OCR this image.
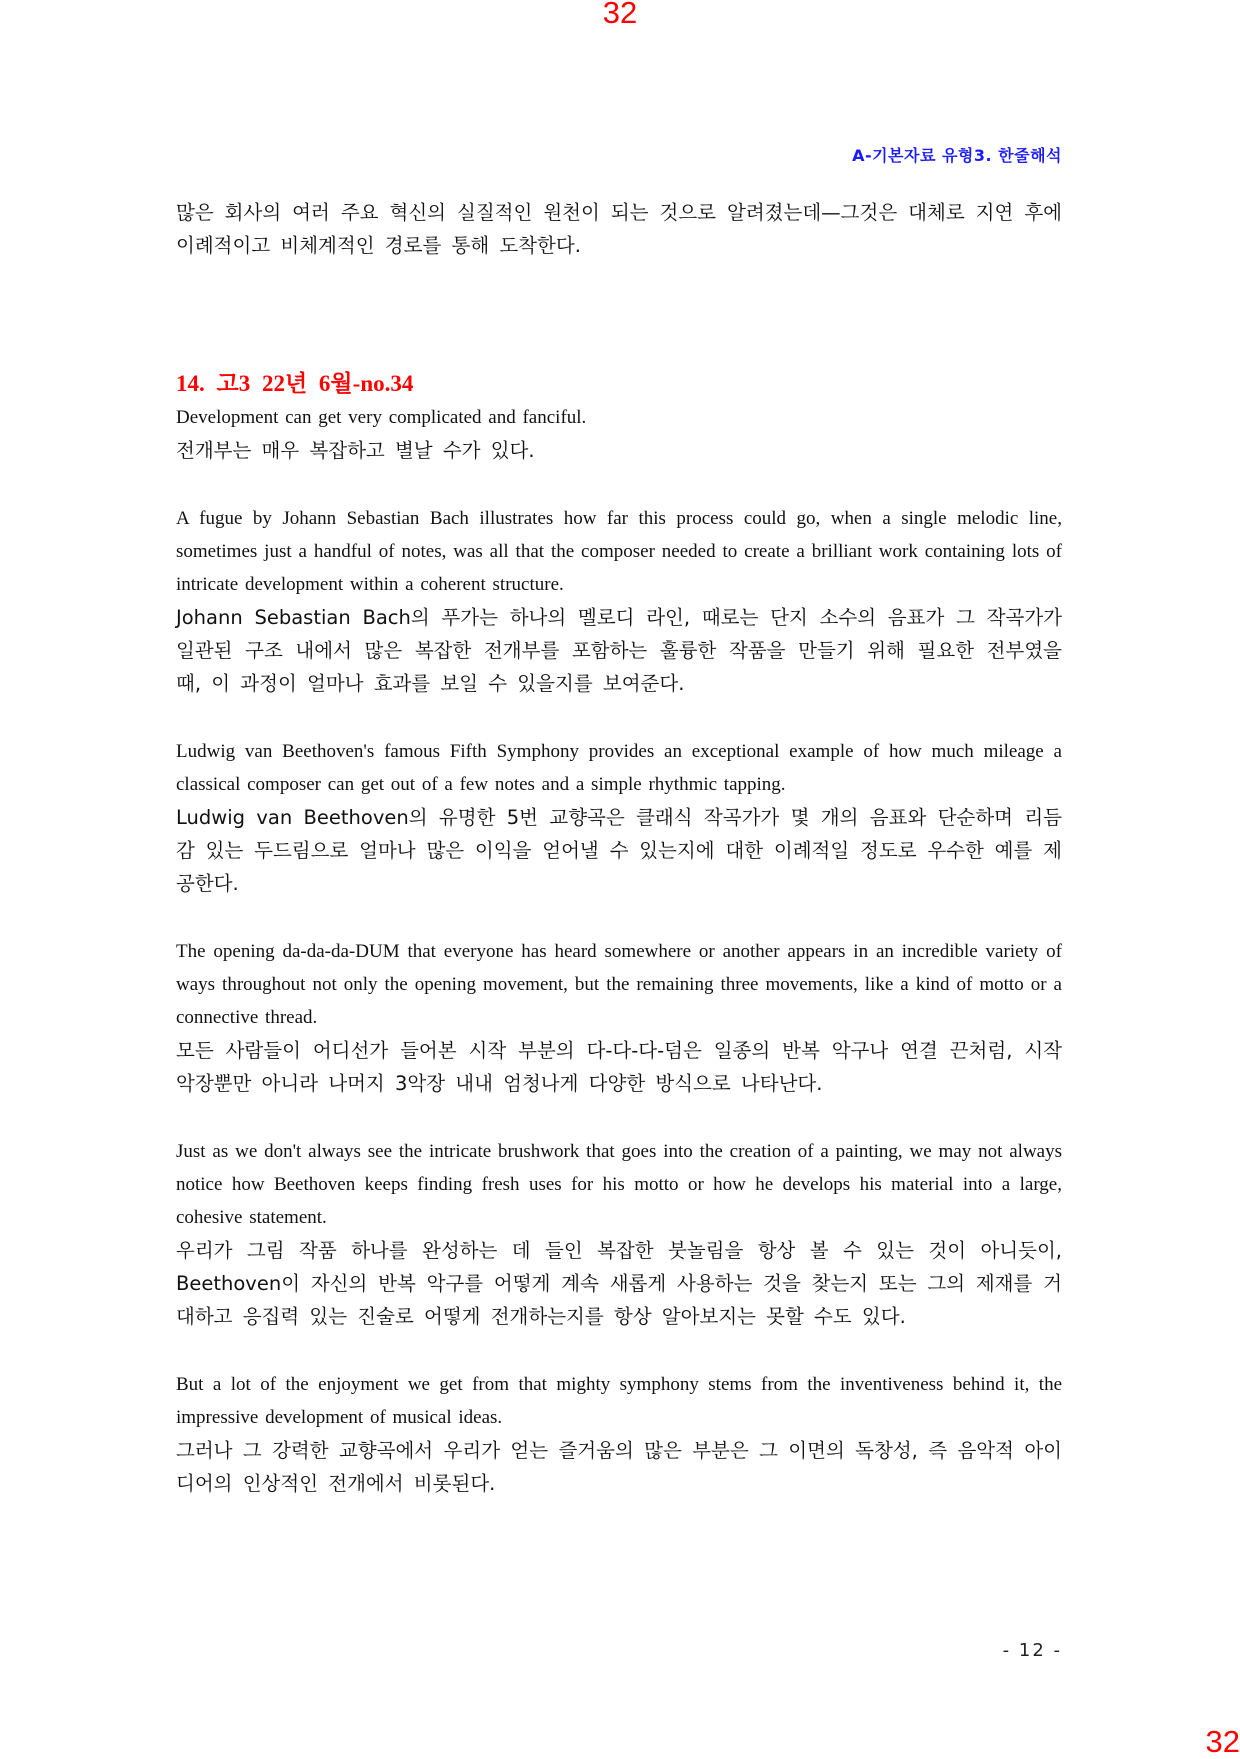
32
A-기본자료 유형3. 한줄해석

많은 회사의 여러 주요 혁신의 실질적인 원천이 되는 것으로 알려졌는데—그것은 대체로 지연 후에 이례적이고 비체계적인 경로를 통해 도착한다.

14. 고3 22년 6월-no.34

Development can get very complicated and fanciful.

전개부는 매우 복잡하고 별날 수가 있다.

A fugue by Johann Sebastian Bach illustrates how far this process could go, when a single melodic line, sometimes just a handful of notes, was all that the composer needed to create a brilliant work containing lots of intricate development within a coherent structure.

Johann Sebastian Bach의 푸가는 하나의 멜로디 라인, 때로는 단지 소수의 음표가 그 작곡가가 일관된 구조 내에서 많은 복잡한 전개부를 포함하는 훌륭한 작품을 만들기 위해 필요한 전부였을 때, 이 과정이 얼마나 효과를 보일 수 있을지를 보여준다.

Ludwig van Beethoven's famous Fifth Symphony provides an exceptional example of how much mileage a classical composer can get out of a few notes and a simple rhythmic tapping.

Ludwig van Beethoven의 유명한 5번 교향곡은 클래식 작곡가가 몇 개의 음표와 단순하며 리듬감 있는 두드림으로 얼마나 많은 이익을 얻어낼 수 있는지에 대한 이례적일 정도로 우수한 예를 제공한다.

The opening da-da-da-DUM that everyone has heard somewhere or another appears in an incredible variety of ways throughout not only the opening movement, but the remaining three movements, like a kind of motto or a connective thread.

모든 사람들이 어디선가 들어본 시작 부분의 다-다-다-덤은 일종의 반복 악구나 연결 끈처럼, 시작 악장뿐만 아니라 나머지 3악장 내내 엄청나게 다양한 방식으로 나타난다.

Just as we don't always see the intricate brushwork that goes into the creation of a painting, we may not always notice how Beethoven keeps finding fresh uses for his motto or how he develops his material into a large, cohesive statement.

우리가 그림 작품 하나를 완성하는 데 들인 복잡한 붓놀림을 항상 볼 수 있는 것이 아니듯이, Beethoven이 자신의 반복 악구를 어떻게 계속 새롭게 사용하는 것을 찾는지 또는 그의 제재를 거대하고 응집력 있는 진술로 어떻게 전개하는지를 항상 알아보지는 못할 수도 있다.

But a lot of the enjoyment we get from that mighty symphony stems from the inventiveness behind it, the impressive development of musical ideas.

그러나 그 강력한 교향곡에서 우리가 얻는 즐거움의 많은 부분은 그 이면의 독창성, 즉 음악적 아이디어의 인상적인 전개에서 비롯된다.

- 12 -
32
